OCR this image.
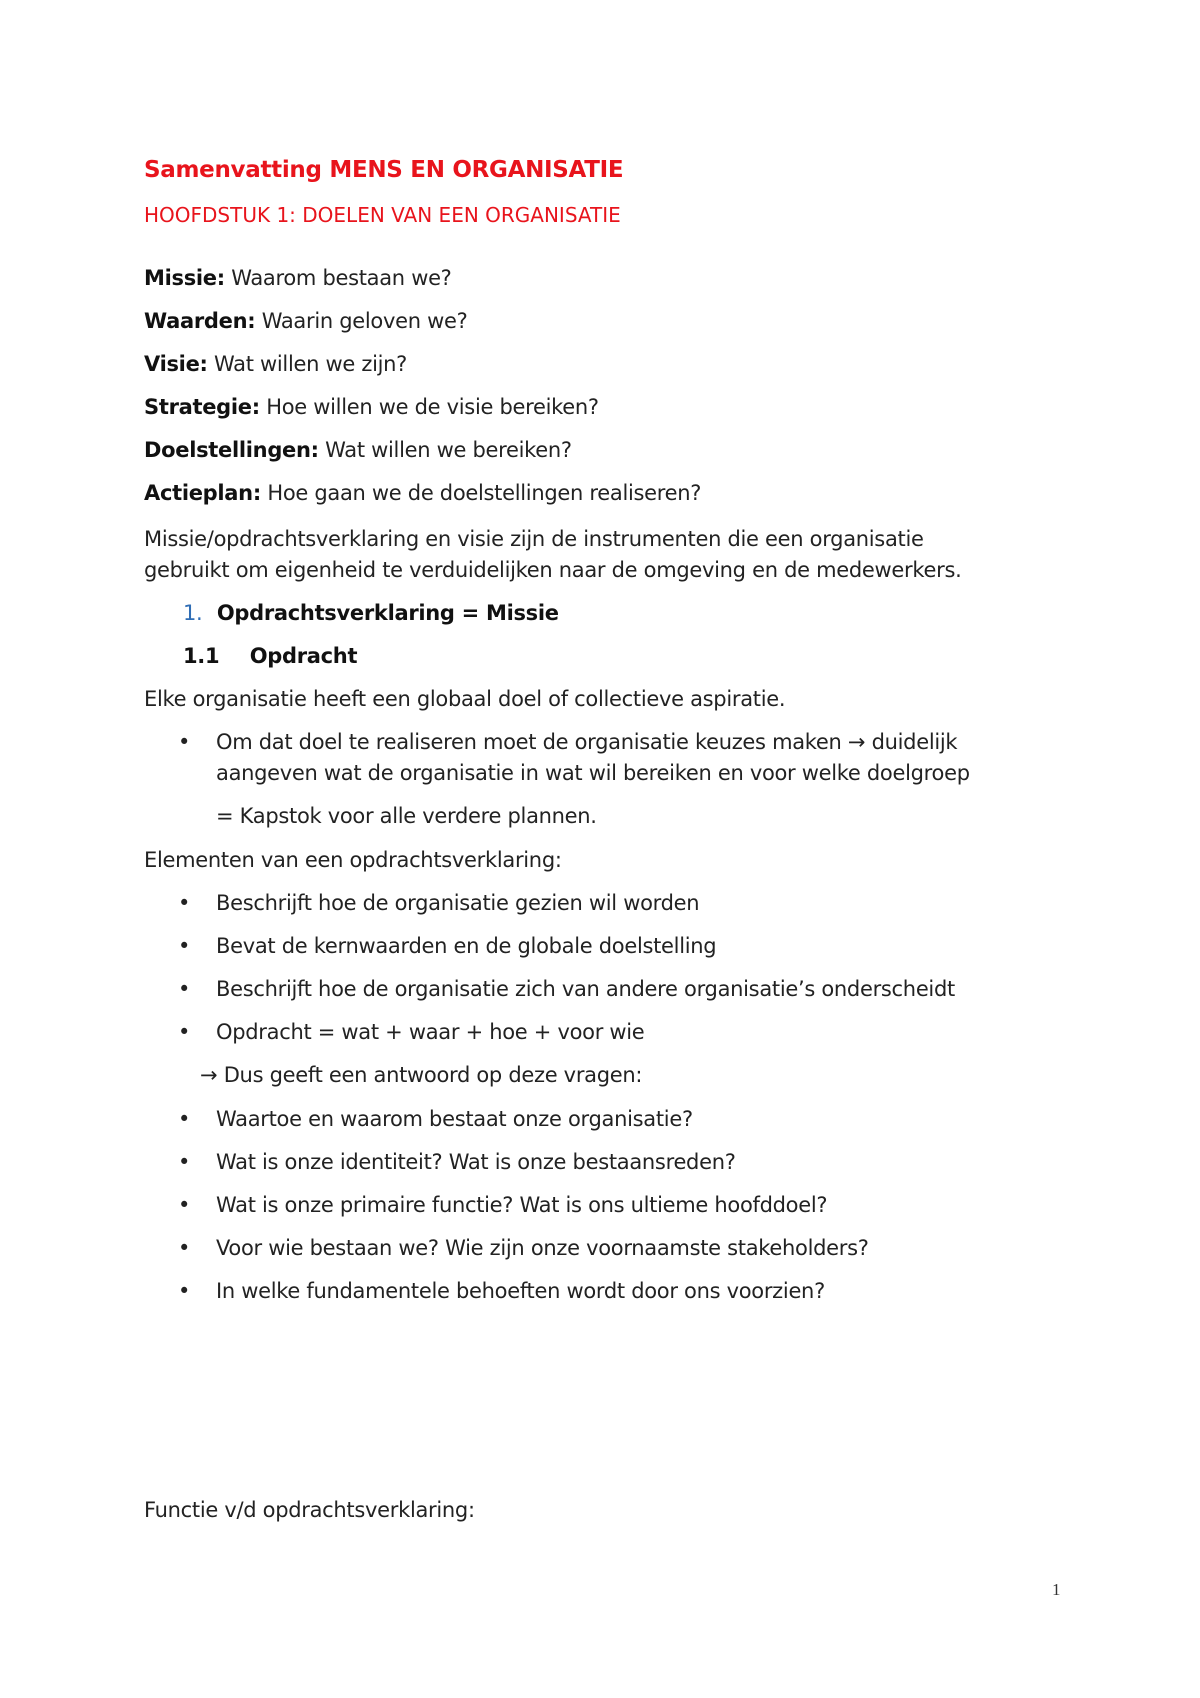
Samenvatting MENS EN ORGANISATIE
HOOFDSTUK 1: DOELEN VAN EEN ORGANISATIE
Missie: Waarom bestaan we?
Waarden: Waarin geloven we?
Visie: Wat willen we zijn?
Strategie: Hoe willen we de visie bereiken?
Doelstellingen: Wat willen we bereiken?
Actieplan: Hoe gaan we de doelstellingen realiseren?
Missie/opdrachtsverklaring en visie zijn de instrumenten die een organisatie
gebruikt om eigenheid te verduidelijken naar de omgeving en de medewerkers.
1. Opdrachtsverklaring = Missie
1.1 Opdracht
Elke organisatie heeft een globaal doel of collectieve aspiratie.
• Om dat doel te realiseren moet de organisatie keuzes maken → duidelijk
aangeven wat de organisatie in wat wil bereiken en voor welke doelgroep
= Kapstok voor alle verdere plannen.
Elementen van een opdrachtsverklaring:
• Beschrijft hoe de organisatie gezien wil worden
• Bevat de kernwaarden en de globale doelstelling
• Beschrijft hoe de organisatie zich van andere organisatie’s onderscheidt
• Opdracht = wat + waar + hoe + voor wie
→ Dus geeft een antwoord op deze vragen:
• Waartoe en waarom bestaat onze organisatie?
• Wat is onze identiteit? Wat is onze bestaansreden?
• Wat is onze primaire functie? Wat is ons ultieme hoofddoel?
• Voor wie bestaan we? Wie zijn onze voornaamste stakeholders?
• In welke fundamentele behoeften wordt door ons voorzien?
Functie v/d opdrachtsverklaring:
1
